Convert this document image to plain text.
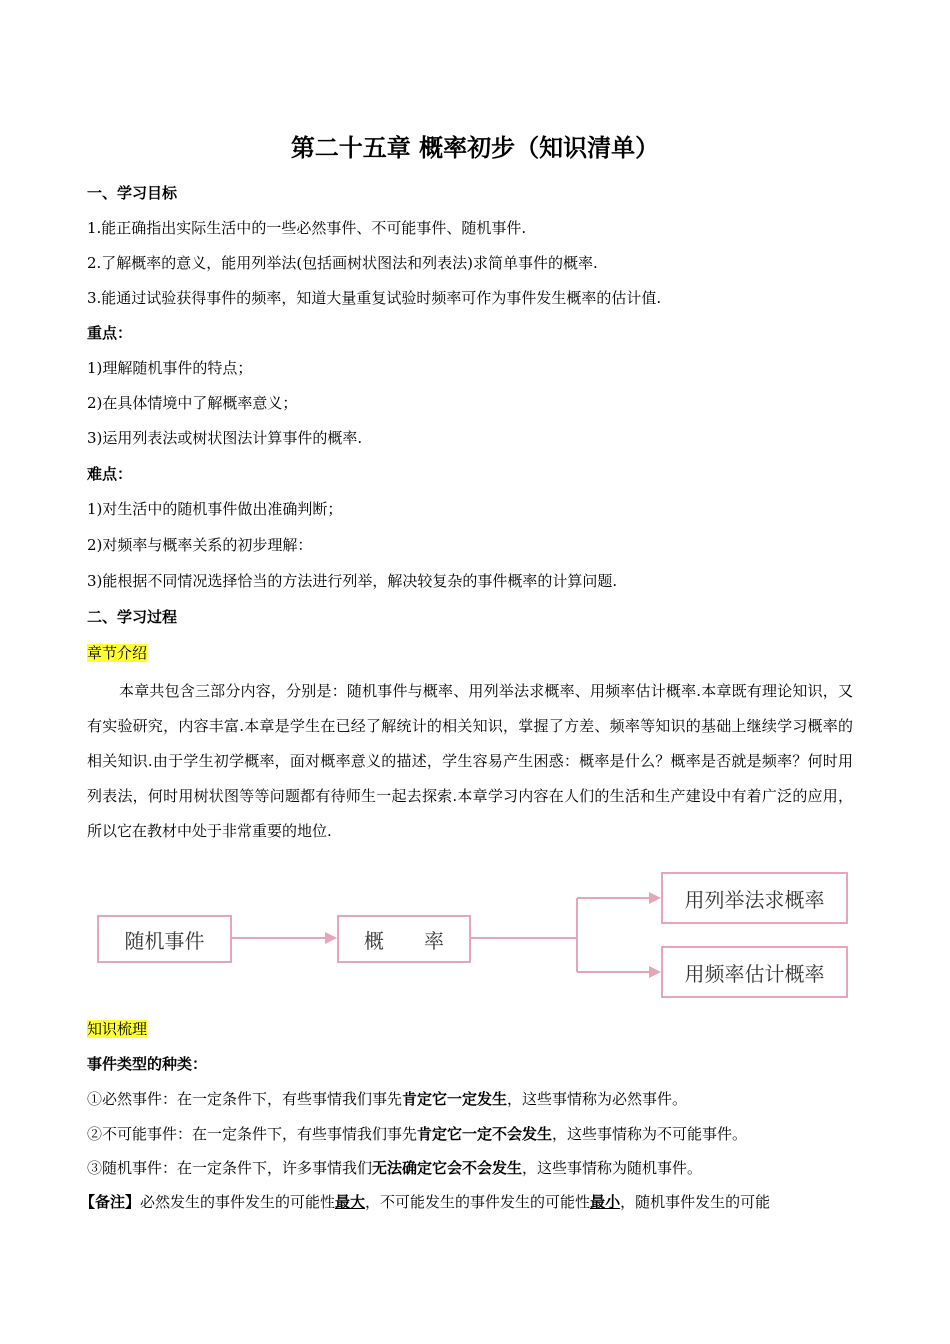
第二十五章 概率初步（知识清单）
一、学习目标
1.能正确指出实际生活中的一些必然事件、不可能事件、随机事件.
2.了解概率的意义，能用列举法(包括画树状图法和列表法)求简单事件的概率.
3.能通过试验获得事件的频率，知道大量重复试验时频率可作为事件发生概率的估计值.
重点：
1)理解随机事件的特点；
2)在具体情境中了解概率意义；
3)运用列表法或树状图法计算事件的概率.
难点：
1)对生活中的随机事件做出准确判断；
2)对频率与概率关系的初步理解：
3)能根据不同情况选择恰当的方法进行列举，解决较复杂的事件概率的计算问题.
二、学习过程
章节介绍
本章共包含三部分内容，分别是：随机事件与概率、用列举法求概率、用频率估计概率.本章既有理论知识，又有实验研究，内容丰富.本章是学生在已经了解统计的相关知识，掌握了方差、频率等知识的基础上继续学习概率的相关知识.由于学生初学概率，面对概率意义的描述，学生容易产生困惑：概率是什么？概率是否就是频率？何时用列表法，何时用树状图等等问题都有待师生一起去探索.本章学习内容在人们的生活和生产建设中有着广泛的应用，所以它在教材中处于非常重要的地位.
随机事件	概　　率
用列举法求概率
用频率估计概率
知识梳理
事件类型的种类：
①必然事件：在一定条件下，有些事情我们事先肯定它一定发生，这些事情称为必然事件。
②不可能事件：在一定条件下，有些事情我们事先肯定它一定不会发生，这些事情称为不可能事件。
③随机事件：在一定条件下，许多事情我们无法确定它会不会发生，这些事情称为随机事件。
【备注】必然发生的事件发生的可能性最大，不可能发生的事件发生的可能性最小，随机事件发生的可能
